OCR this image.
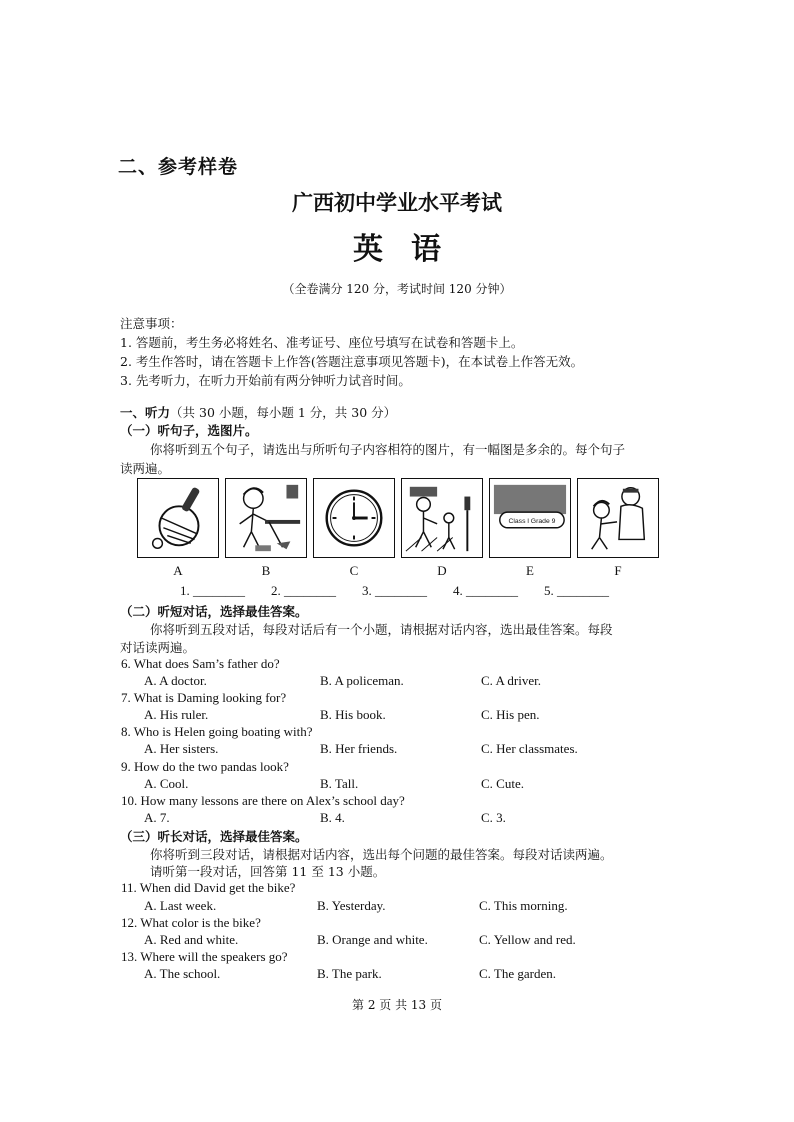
二、参考样卷
广西初中学业水平考试
英语
（全卷满分 120 分，考试时间 120 分钟）
注意事项：
1. 答题前，考生务必将姓名、准考证号、座位号填写在试卷和答题卡上。
2. 考生作答时，请在答题卡上作答(答题注意事项见答题卡)，在本试卷上作答无效。
3. 先考听力，在听力开始前有两分钟听力试音时间。
一、听力（共 30 小题，每小题 1 分，共 30 分）
（一）听句子，选图片。
你将听到五个句子，请选出与所听句子内容相符的图片，有一幅图是多余的。每个句子
读两遍。
Class l Grade 9
A	B	C	D	E	F
1. ________ 2. ________ 3. ________ 4. ________ 5. ________
（二）听短对话，选择最佳答案。
你将听到五段对话，每段对话后有一个小题，请根据对话内容，选出最佳答案。每段
对话读两遍。
6. What does Sam’s father do?
A. A doctor.	B. A policeman.	C. A driver.
7. What is Daming looking for?
A. His ruler.	B. His book.	C. His pen.
8. Who is Helen going boating with?
A. Her sisters.	B. Her friends.	C. Her classmates.
9. How do the two pandas look?
A. Cool.	B. Tall.	C. Cute.
10. How many lessons are there on Alex’s school day?
A. 7.	B. 4.	C. 3.
（三）听长对话，选择最佳答案。
你将听到三段对话，请根据对话内容，选出每个问题的最佳答案。每段对话读两遍。
请听第一段对话，回答第 11 至 13 小题。
11. When did David get the bike?
A. Last week.	B. Yesterday.	C. This morning.
12. What color is the bike?
A. Red and white.	B. Orange and white.	C. Yellow and red.
13. Where will the speakers go?
A. The school.	B. The park.	C. The garden.
第 2 页 共 13 页
